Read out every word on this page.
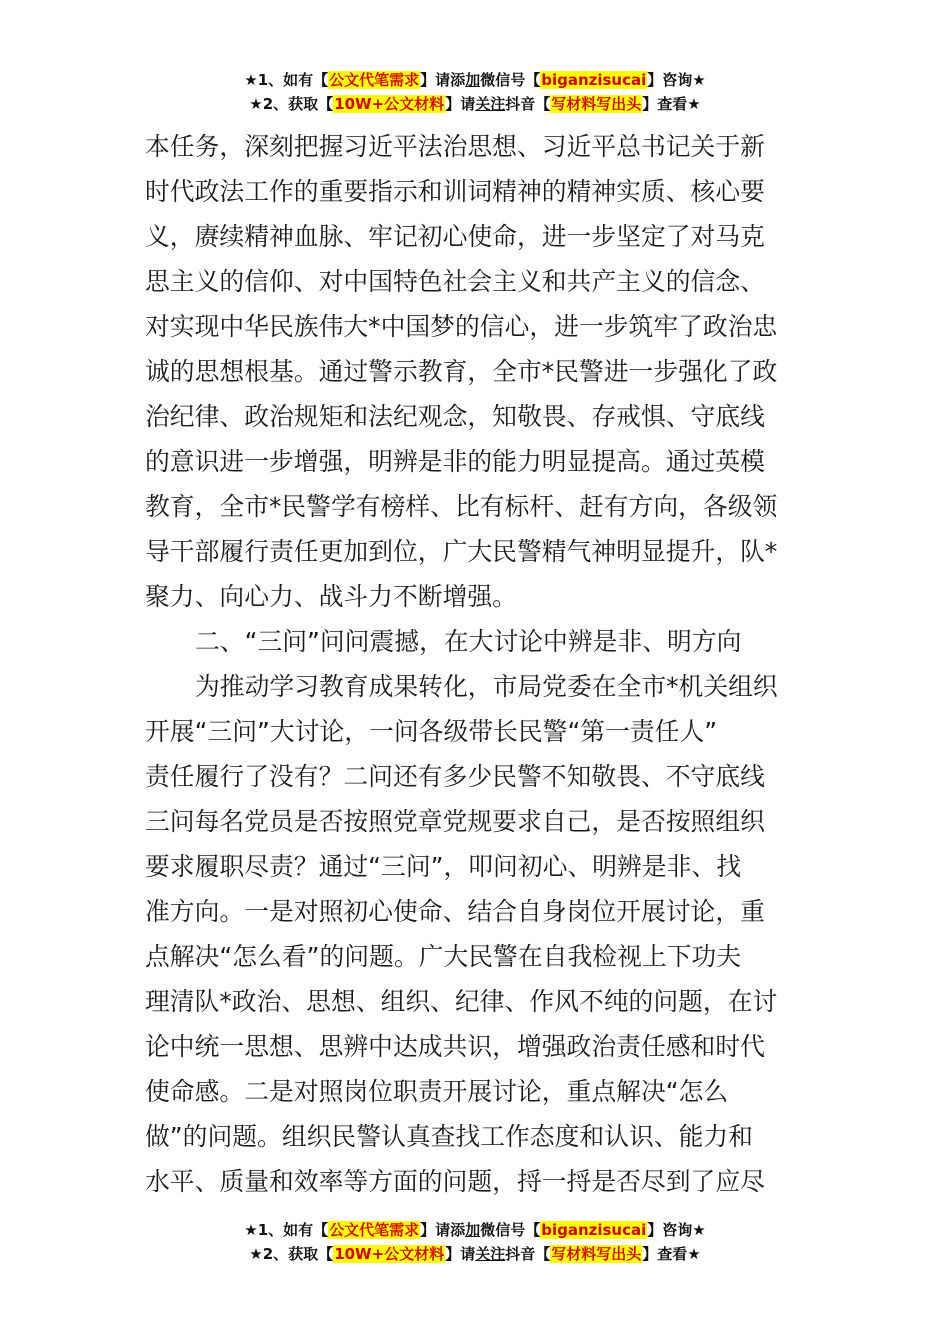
★1、如有【公文代笔需求】请添加微信号【biganzisucai】咨询★
★2、获取【10W+公文材料】请关注抖音【写材料写出头】查看★
本任务，深刻把握习近平法治思想、习近平总书记关于新
时代政法工作的重要指示和训词精神的精神实质、核心要
义，赓续精神血脉、牢记初心使命，进一步坚定了对马克
思主义的信仰、对中国特色社会主义和共产主义的信念、
对实现中华民族伟大*中国梦的信心，进一步筑牢了政治忠
诚的思想根基。通过警示教育，全市*民警进一步强化了政
治纪律、政治规矩和法纪观念，知敬畏、存戒惧、守底线
的意识进一步增强，明辨是非的能力明显提高。通过英模
教育，全市*民警学有榜样、比有标杆、赶有方向，各级领
导干部履行责任更加到位，广大民警精气神明显提升，队*
聚力、向心力、战斗力不断增强。
二、“三问”问问震撼，在大讨论中辨是非、明方向
为推动学习教育成果转化，市局党委在全市*机关组织
开展“三问”大讨论，一问各级带长民警“第一责任人”
责任履行了没有？二问还有多少民警不知敬畏、不守底线
三问每名党员是否按照党章党规要求自己，是否按照组织
要求履职尽责？通过“三问”，叩问初心、明辨是非、找
准方向。一是对照初心使命、结合自身岗位开展讨论，重
点解决“怎么看”的问题。广大民警在自我检视上下功夫
理清队*政治、思想、组织、纪律、作风不纯的问题，在讨
论中统一思想、思辨中达成共识，增强政治责任感和时代
使命感。二是对照岗位职责开展讨论，重点解决“怎么
做”的问题。组织民警认真查找工作态度和认识、能力和
水平、质量和效率等方面的问题，捋一捋是否尽到了应尽
★1、如有【公文代笔需求】请添加微信号【biganzisucai】咨询★
★2、获取【10W+公文材料】请关注抖音【写材料写出头】查看★
